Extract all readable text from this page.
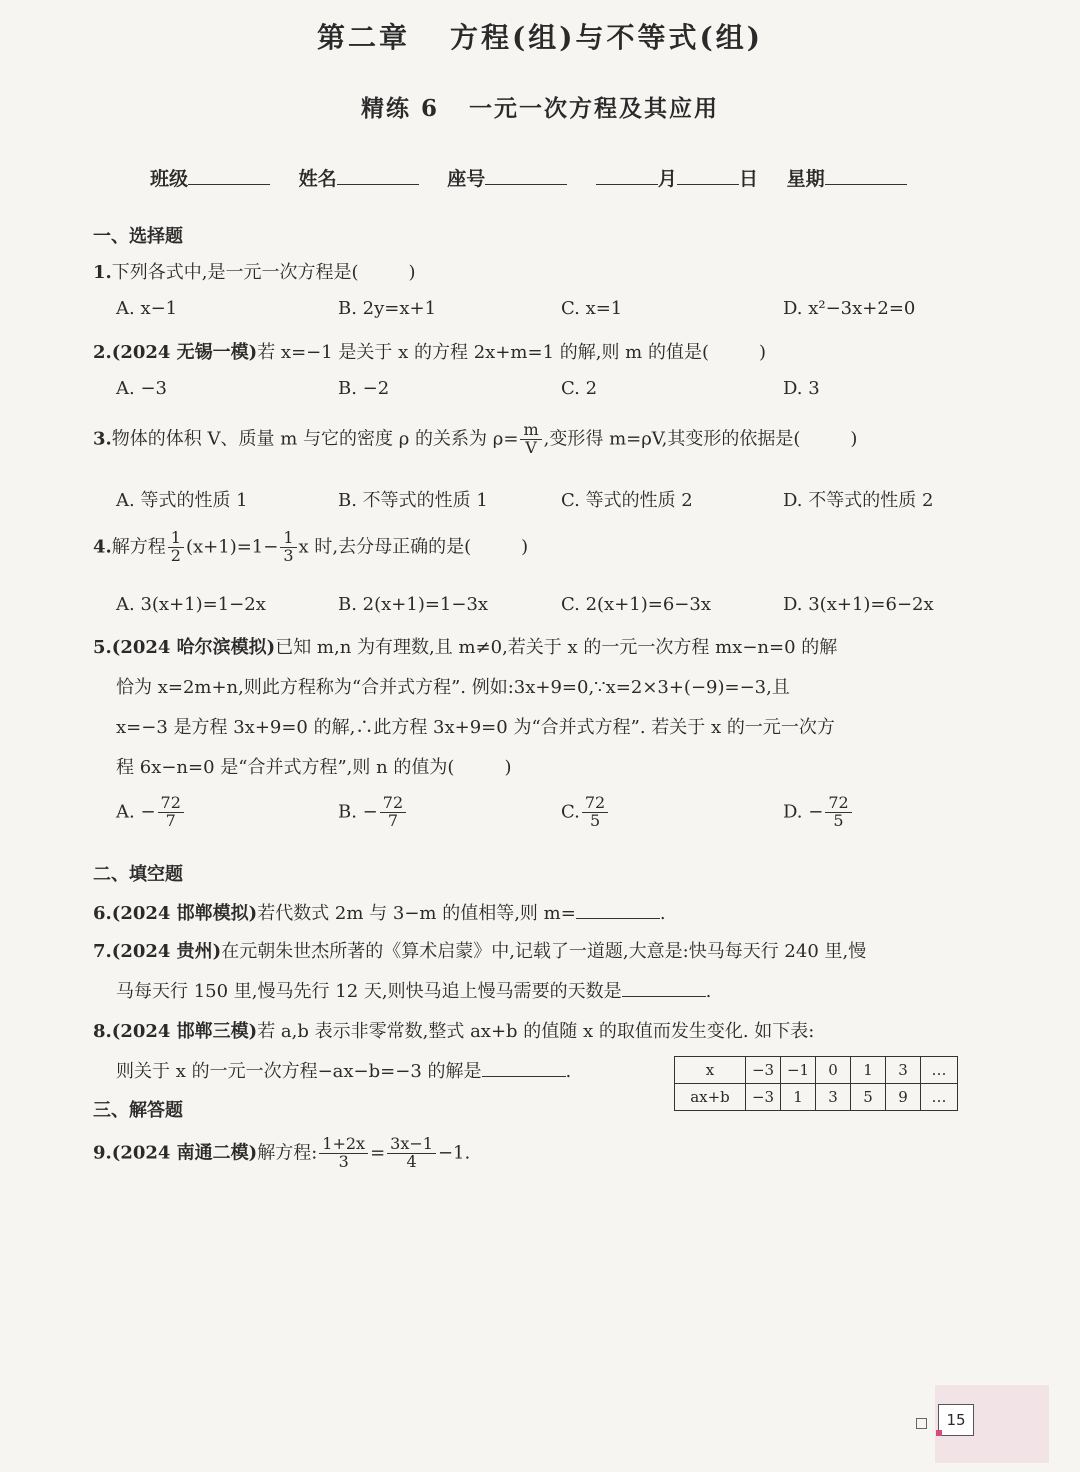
第二章 方程(组)与不等式(组)
精练 6 一元一次方程及其应用
班级	姓名	座号	月	日 星期
一、选择题
1.下列各式中,是一元一次方程是(	)
A. x−1	B. 2y=x+1	C. x=1	D. x²−3x+2=0
2.(2024 无锡一模)若 x=−1 是关于 x 的方程 2x+m=1 的解,则 m 的值是(	)
A. −3	B. −2	C. 2	D. 3
3.物体的体积 V、质量 m 与它的密度 ρ 的关系为 $\rho= \frac{m}{V}$ ,变形得 m=ρV,其变形的依据是(	)
A. 等式的性质 1	B. 不等式的性质 1	C. 等式的性质 2	D. 不等式的性质 2
4.解方程 $\frac{1}{2} (x+1)=1- \frac{1}{3}$ x 时,去分母正确的是(	)
A. 3(x+1)=1−2x	B. 2(x+1)=1−3x	C. 2(x+1)=6−3x	D. 3(x+1)=6−2x
5.(2024 哈尔滨模拟)已知 m,n 为有理数,且 m≠0,若关于 x 的一元一次方程 mx−n=0 的解
恰为 x=2m+n,则此方程称为“合并式方程”. 例如:3x+9=0,∵x=2×3+(−9)=−3,且
x=−3 是方程 3x+9=0 的解,∴此方程 3x+9=0 为“合并式方程”. 若关于 x 的一元一次方
程 6x−n=0 是“合并式方程”,则 n 的值为(	)
A. − $\frac{72}{7}$	B. − $\frac{72}{7}$	C. $\frac{72}{5}$	D. − $\frac{72}{5}$
二、填空题
6.(2024 邯郸模拟)若代数式 2m 与 3−m 的值相等,则 m=	.
7.(2024 贵州)在元朝朱世杰所著的《算术启蒙》中,记载了一道题,大意是:快马每天行 240 里,慢
马每天行 150 里,慢马先行 12 天,则快马追上慢马需要的天数是	.
8.(2024 邯郸三模)若 a,b 表示非零常数,整式 ax+b 的值随 x 的取值而发生变化. 如下表:
则关于 x 的一元一次方程−ax−b=−3 的解是	.	x	−3	−1	0	1	3	…
ax+b	−3	1	3	5	9	…
三、解答题
9.(2024 南通二模)解方程: $\frac{1+2x}{3} = \frac{3x-1}{4} -1$.
15
